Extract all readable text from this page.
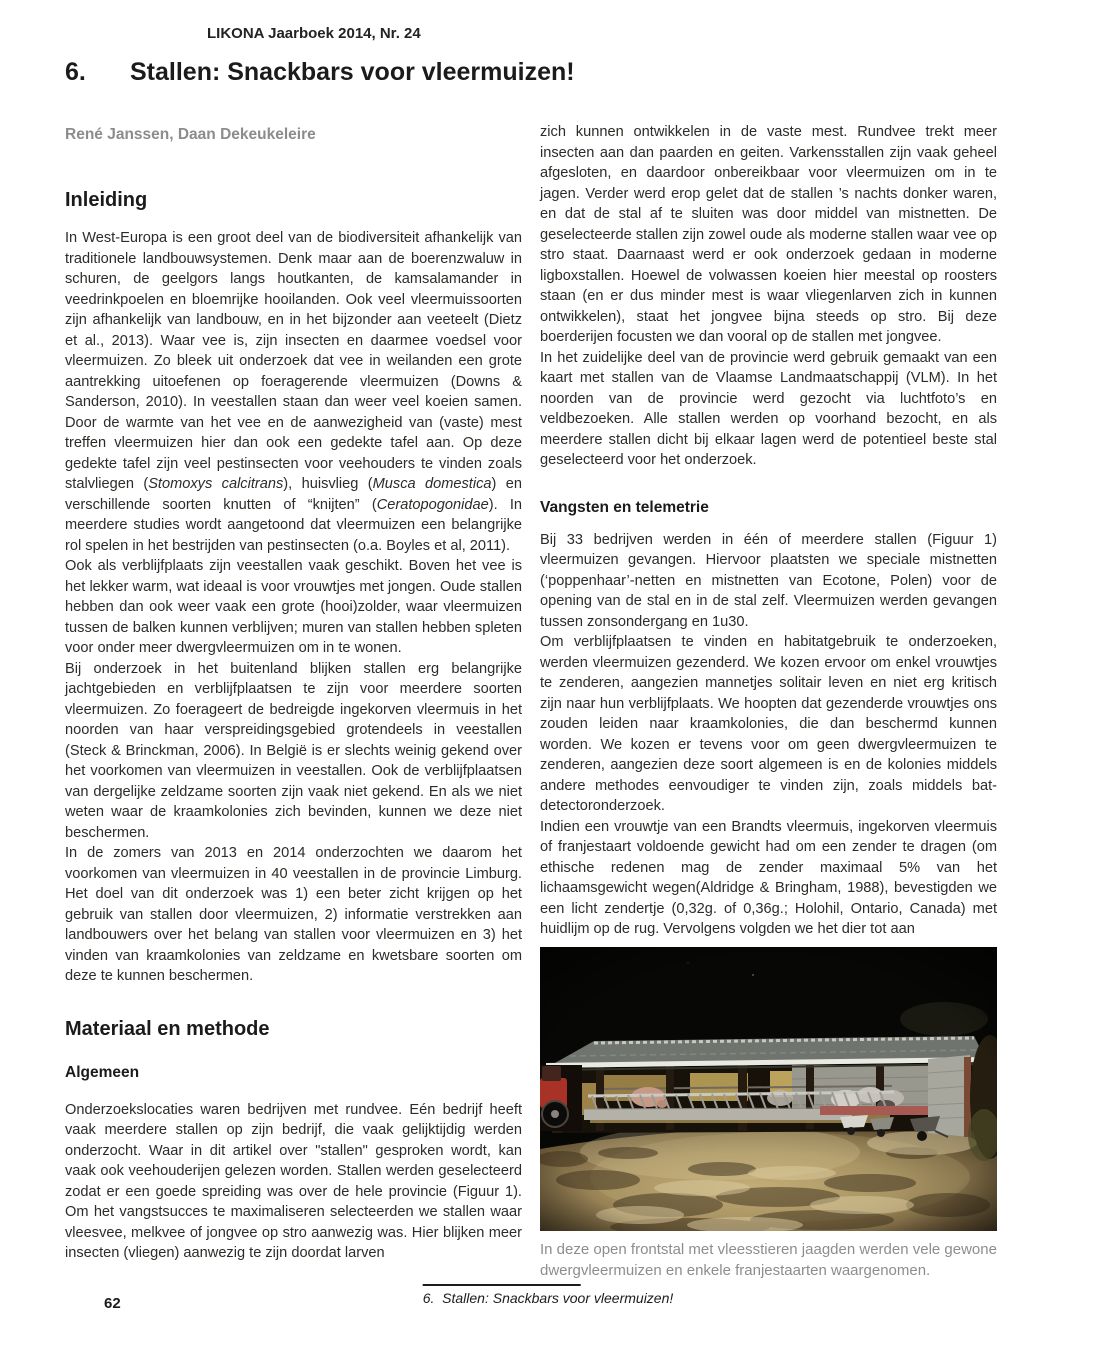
LIKONA Jaarboek 2014, Nr. 24
6.	Stallen: Snackbars voor vleermuizen!
René Janssen, Daan Dekeukeleire
Inleiding

In West-Europa is een groot deel van de biodiversiteit afhankelijk van traditionele landbouwsystemen. Denk maar aan de boerenzwaluw in schuren, de geelgors langs houtkanten, de kamsalamander in veedrinkpoelen en bloemrijke hooilanden. Ook veel vleermuissoorten zijn afhankelijk van landbouw, en in het bijzonder aan veeteelt (Dietz et al., 2013). Waar vee is, zijn insecten en daarmee voedsel voor vleermuizen. Zo bleek uit onderzoek dat vee in weilanden een grote aantrekking uitoefenen op foeragerende vleermuizen (Downs & Sanderson, 2010). In veestallen staan dan weer veel koeien samen. Door de warmte van het vee en de aanwezigheid van (vaste) mest treffen vleermuizen hier dan ook een gedekte tafel aan. Op deze gedekte tafel zijn veel pestinsecten voor veehouders te vinden zoals stalvliegen (Stomoxys calcitrans), huisvlieg (Musca domestica) en verschillende soorten knutten of “knijten” (Ceratopogonidae). In meerdere studies wordt aangetoond dat vleermuizen een belangrijke rol spelen in het bestrijden van pestinsecten (o.a. Boyles et al, 2011).

Ook als verblijfplaats zijn veestallen vaak geschikt. Boven het vee is het lekker warm, wat ideaal is voor vrouwtjes met jongen. Oude stallen hebben dan ook weer vaak een grote (hooi)zolder, waar vleermuizen tussen de balken kunnen verblijven; muren van stallen hebben spleten voor onder meer dwergvleermuizen om in te wonen.

Bij onderzoek in het buitenland blijken stallen erg belangrijke jachtgebieden en verblijfplaatsen te zijn voor meerdere soorten vleermuizen. Zo foerageert de bedreigde ingekorven vleermuis in het noorden van haar verspreidingsgebied grotendeels in veestallen (Steck & Brinckman, 2006). In België is er slechts weinig gekend over het voorkomen van vleermuizen in veestallen. Ook de verblijfplaatsen van dergelijke zeldzame soorten zijn vaak niet gekend. En als we niet weten waar de kraamkolonies zich bevinden, kunnen we deze niet beschermen.

In de zomers van 2013 en 2014 onderzochten we daarom het voorkomen van vleermuizen in 40 veestallen in de provincie Limburg. Het doel van dit onderzoek was 1) een beter zicht krijgen op het gebruik van stallen door vleermuizen, 2) informatie verstrekken aan landbouwers over het belang van stallen voor vleermuizen en 3) het vinden van kraamkolonies van zeldzame en kwetsbare soorten om deze te kunnen beschermen.

Materiaal en methode
Algemeen

Onderzoekslocaties waren bedrijven met rundvee. Eén bedrijf heeft vaak meerdere stallen op zijn bedrijf, die vaak gelijktijdig werden onderzocht. Waar in dit artikel over "stallen" gesproken wordt, kan vaak ook veehouderijen gelezen worden. Stallen werden geselecteerd zodat er een goede spreiding was over de hele provincie (Figuur 1). Om het vangstsucces te maximaliseren selecteerden we stallen waar vleesvee, melkvee of jongvee op stro aanwezig was. Hier blijken meer insecten (vliegen) aanwezig te zijn doordat larven

zich kunnen ontwikkelen in de vaste mest. Rundvee trekt meer insecten aan dan paarden en geiten. Varkensstallen zijn vaak geheel afgesloten, en daardoor onbereikbaar voor vleermuizen om in te jagen. Verder werd erop gelet dat de stallen ’s nachts donker waren, en dat de stal af te sluiten was door middel van mistnetten. De geselecteerde stallen zijn zowel oude als moderne stallen waar vee op stro staat. Daarnaast werd er ook onderzoek gedaan in moderne ligboxstallen. Hoewel de volwassen koeien hier meestal op roosters staan (en er dus minder mest is waar vliegenlarven zich in kunnen ontwikkelen), staat het jongvee bijna steeds op stro. Bij deze boerderijen focusten we dan vooral op de stallen met jongvee.

In het zuidelijke deel van de provincie werd gebruik gemaakt van een kaart met stallen van de Vlaamse Landmaatschappij (VLM). In het noorden van de provincie werd gezocht via luchtfoto’s en veldbezoeken. Alle stallen werden op voorhand bezocht, en als meerdere stallen dicht bij elkaar lagen werd de potentieel beste stal geselecteerd voor het onderzoek.

Vangsten en telemetrie

Bij 33 bedrijven werden in één of meerdere stallen (Figuur 1) vleermuizen gevangen. Hiervoor plaatsten we speciale mistnetten (‘poppenhaar’-netten en mistnetten van Ecotone, Polen) voor de opening van de stal en in de stal zelf. Vleermuizen werden gevangen tussen zonsondergang en 1u30.

Om verblijfplaatsen te vinden en habitatgebruik te onderzoeken, werden vleermuizen gezenderd. We kozen ervoor om enkel vrouwtjes te zenderen, aangezien mannetjes solitair leven en niet erg kritisch zijn naar hun verblijfplaats. We hoopten dat gezenderde vrouwtjes ons zouden leiden naar kraamkolonies, die dan beschermd kunnen worden. We kozen er tevens voor om geen dwergvleermuizen te zenderen, aangezien deze soort algemeen is en de kolonies middels andere methodes eenvoudiger te vinden zijn, zoals middels bat-detectoronderzoek.

Indien een vrouwtje van een Brandts vleermuis, ingekorven vleermuis of franjestaart voldoende gewicht had om een zender te dragen (om ethische redenen mag de zender maximaal 5% van het lichaamsgewicht wegen(Aldridge & Bringham, 1988), bevestigden we een licht zendertje (0,32g. of 0,36g.; Holohil, Ontario, Canada) met huidlijm op de rug. Vervolgens volgden we het dier tot aan

In deze open frontstal met vleesstieren jaagden werden vele gewone dwergvleermuizen en enkele franjestaarten waargenomen.
62	6.  Stallen: Snackbars voor vleermuizen!
